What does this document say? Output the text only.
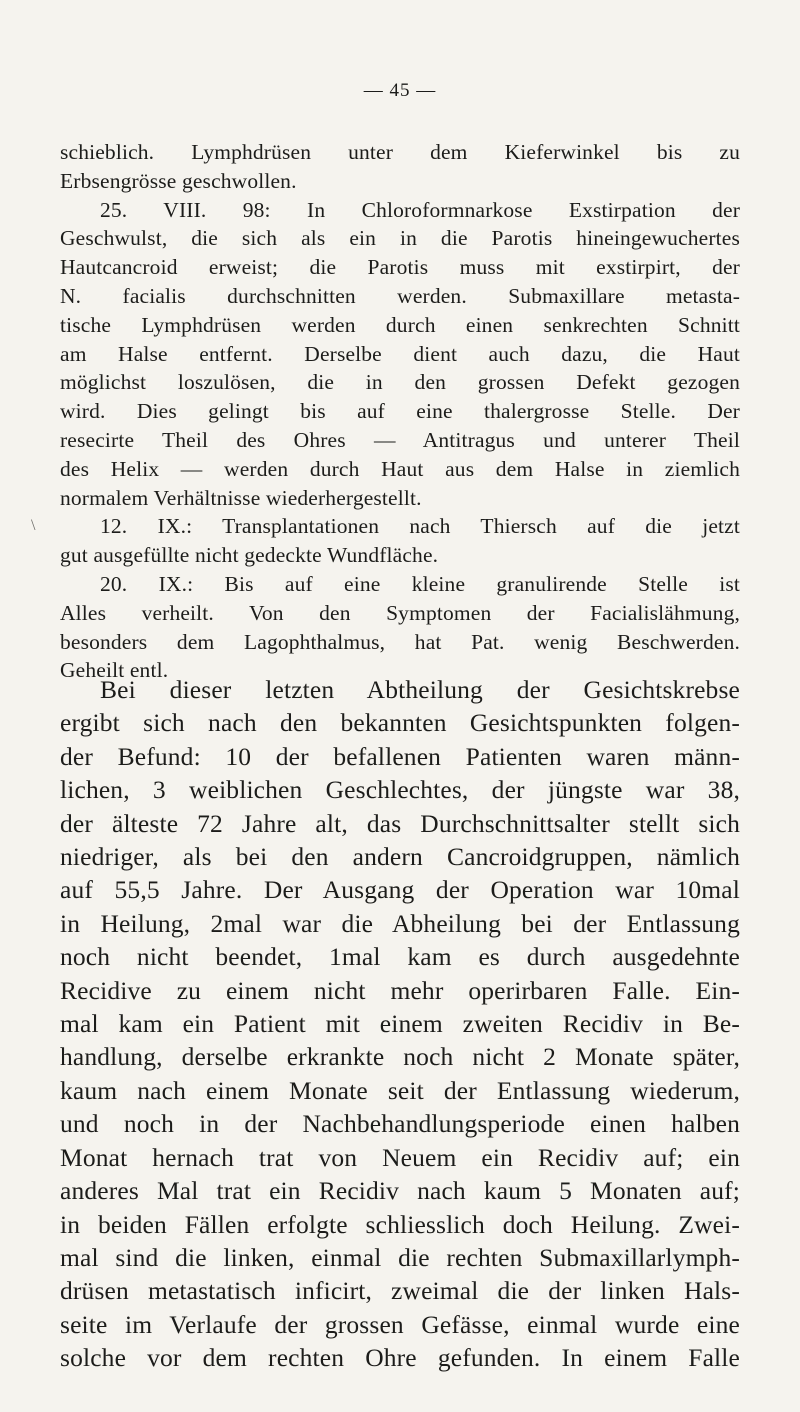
— 45 —
\
schieblich. Lymphdrüsen unter dem Kieferwinkel bis zu
Erbsengrösse geschwollen.
25. VIII. 98: In Chloroformnarkose Exstirpation der
Geschwulst, die sich als ein in die Parotis hineingewuchertes
Hautcancroid erweist; die Parotis muss mit exstirpirt, der
N. facialis durchschnitten werden. Submaxillare metasta-
tische Lymphdrüsen werden durch einen senkrechten Schnitt
am Halse entfernt. Derselbe dient auch dazu, die Haut
möglichst loszulösen, die in den grossen Defekt gezogen
wird. Dies gelingt bis auf eine thalergrosse Stelle. Der
resecirte Theil des Ohres — Antitragus und unterer Theil
des Helix — werden durch Haut aus dem Halse in ziemlich
normalem Verhältnisse wiederhergestellt.
12. IX.: Transplantationen nach Thiersch auf die jetzt
gut ausgefüllte nicht gedeckte Wundfläche.
20. IX.: Bis auf eine kleine granulirende Stelle ist
Alles verheilt. Von den Symptomen der Facialislähmung,
besonders dem Lagophthalmus, hat Pat. wenig Beschwerden.
Geheilt entl.
Bei dieser letzten Abtheilung der Gesichtskrebse
ergibt sich nach den bekannten Gesichtspunkten folgen-
der Befund: 10 der befallenen Patienten waren männ-
lichen, 3 weiblichen Geschlechtes, der jüngste war 38,
der älteste 72 Jahre alt, das Durchschnittsalter stellt sich
niedriger, als bei den andern Cancroidgruppen, nämlich
auf 55,5 Jahre. Der Ausgang der Operation war 10mal
in Heilung, 2mal war die Abheilung bei der Entlassung
noch nicht beendet, 1mal kam es durch ausgedehnte
Recidive zu einem nicht mehr operirbaren Falle. Ein-
mal kam ein Patient mit einem zweiten Recidiv in Be-
handlung, derselbe erkrankte noch nicht 2 Monate später,
kaum nach einem Monate seit der Entlassung wiederum,
und noch in der Nachbehandlungsperiode einen halben
Monat hernach trat von Neuem ein Recidiv auf; ein
anderes Mal trat ein Recidiv nach kaum 5 Monaten auf;
in beiden Fällen erfolgte schliesslich doch Heilung. Zwei-
mal sind die linken, einmal die rechten Submaxillarlymph-
drüsen metastatisch inficirt, zweimal die der linken Hals-
seite im Verlaufe der grossen Gefässe, einmal wurde eine
solche vor dem rechten Ohre gefunden. In einem Falle
